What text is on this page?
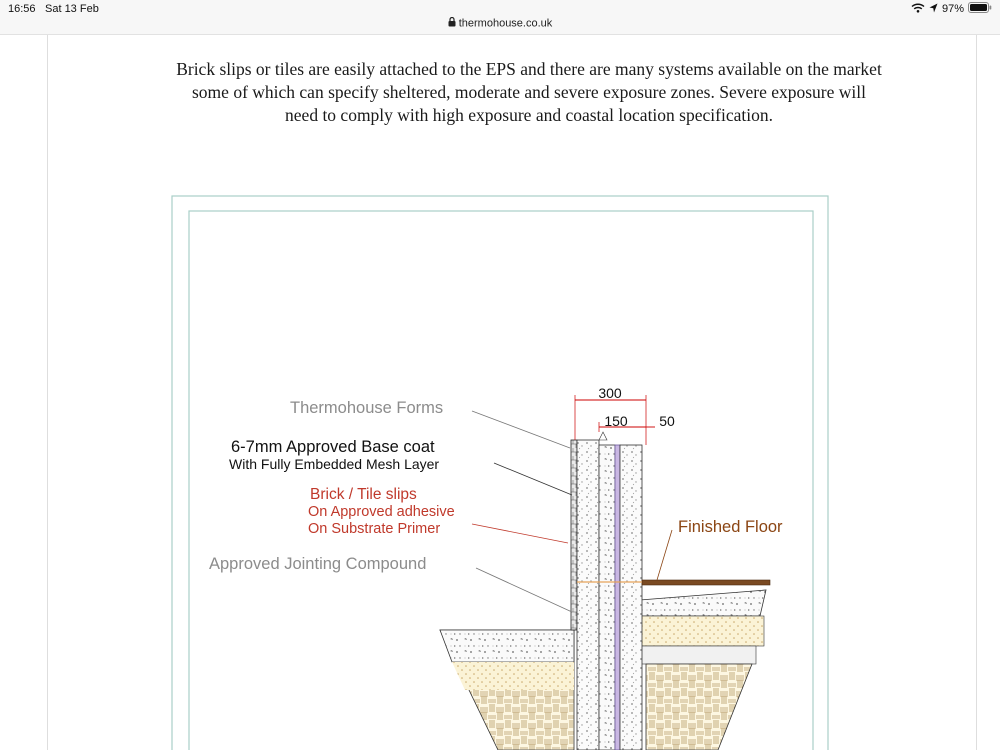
16:56 Sat 13 Feb
thermohouse.co.uk
97%
Brick slips or tiles are easily attached to the EPS and there are many systems available on the market
some of which can specify sheltered, moderate and severe exposure zones. Severe exposure will
need to comply with high exposure and coastal location specification.
300
150 50
Thermohouse Forms
6-7mm Approved Base coat
With Fully Embedded Mesh Layer
Brick / Tile slips
On Approved adhesive
On Substrate Primer
Approved Jointing Compound
Finished Floor
